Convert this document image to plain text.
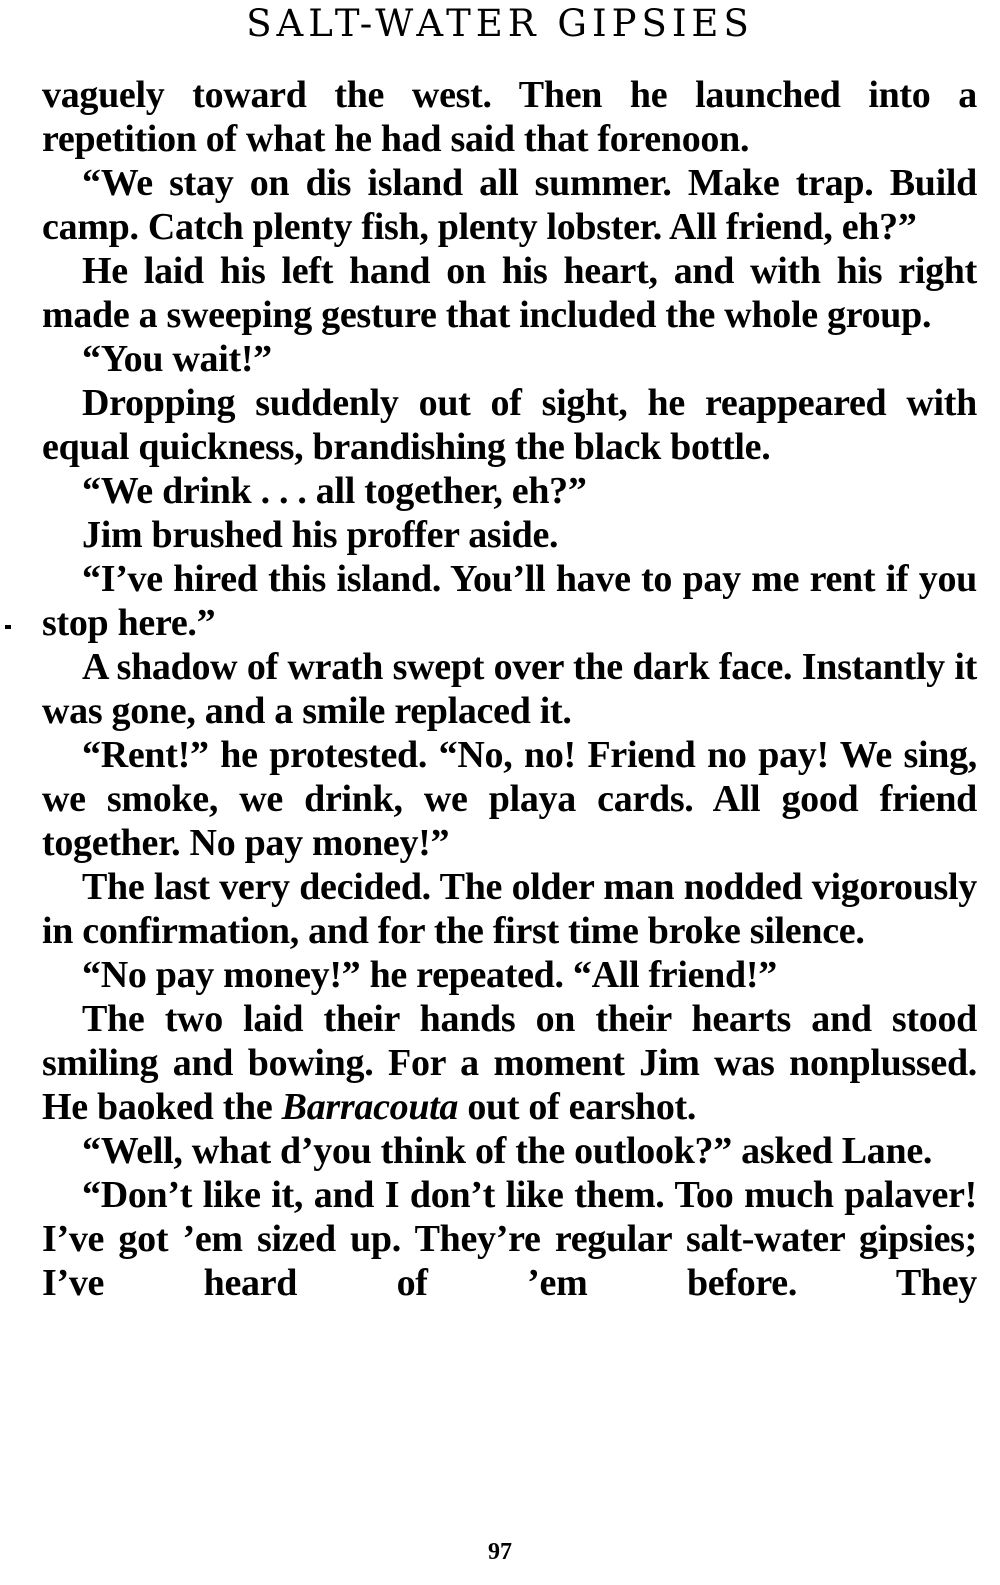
SALT-WATER GIPSIES

vaguely toward the west. Then he launched into a repetition of what he had said that forenoon.

“We stay on dis island all summer. Make trap. Build camp. Catch plenty fish, plenty lobster. All friend, eh?”

He laid his left hand on his heart, and with his right made a sweeping gesture that included the whole group.

“You wait!”

Dropping suddenly out of sight, he reappeared with equal quickness, brandishing the black bottle.

“We drink . . . all together, eh?”

Jim brushed his proffer aside.

“I’ve hired this island. You’ll have to pay me rent if you stop here.”

A shadow of wrath swept over the dark face. Instantly it was gone, and a smile replaced it.

“Rent!” he protested. “No, no! Friend no pay! We sing, we smoke, we drink, we playa cards. All good friend together. No pay money!”

The last very decided. The older man nodded vigorously in confirmation, and for the first time broke silence.

“No pay money!” he repeated. “All friend!”

The two laid their hands on their hearts and stood smiling and bowing. For a moment Jim was nonplussed. He baoked the Barracouta out of earshot.

“Well, what d’you think of the outlook?” asked Lane.

“Don’t like it, and I don’t like them. Too much palaver! I’ve got ’em sized up. They’re regular salt-water gipsies; I’ve heard of ’em before. They

97
